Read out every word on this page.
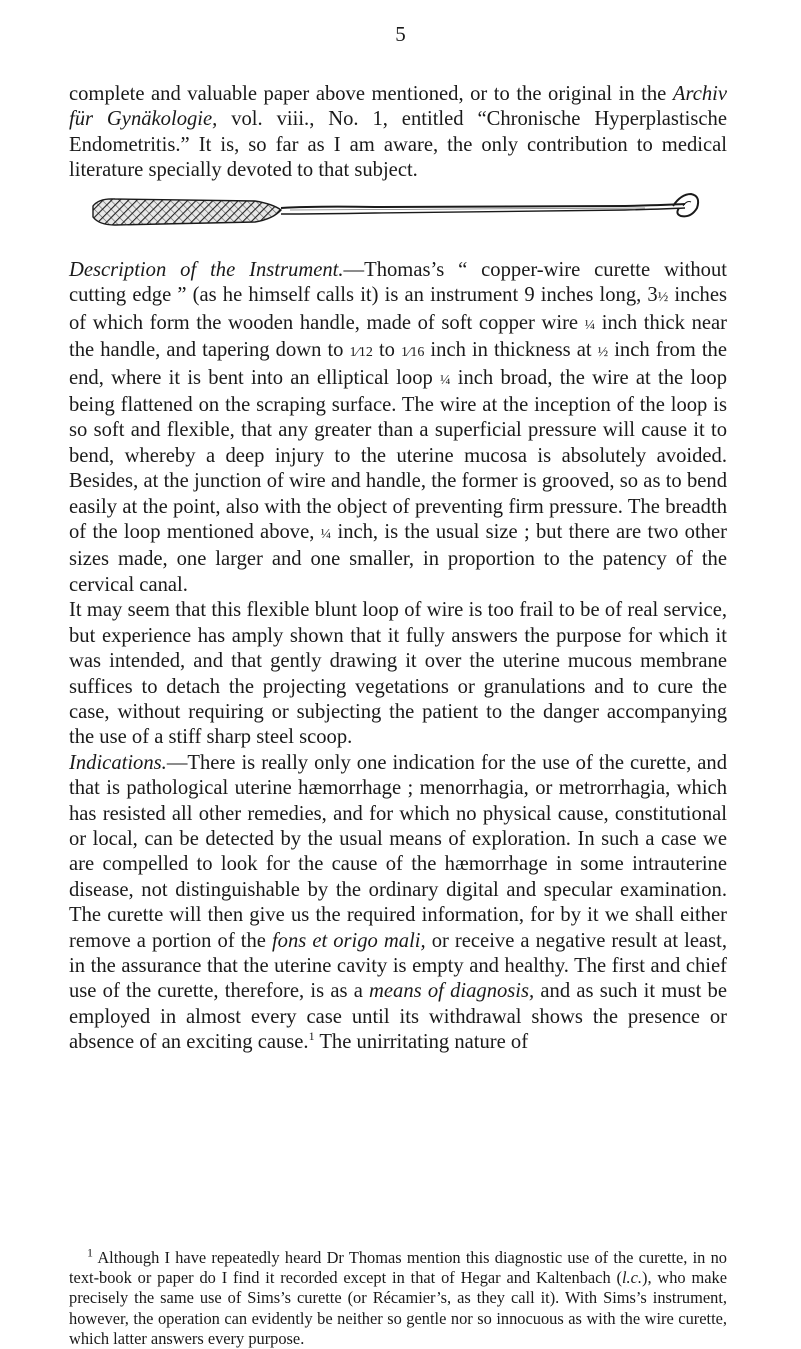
5

complete and valuable paper above mentioned, or to the original in the Archiv für Gynäkologie, vol. viii., No. 1, entitled “Chronische Hyperplastische Endometritis.” It is, so far as I am aware, the only contribution to medical literature specially devoted to that subject.

Description of the Instrument.—Thomas’s “ copper-wire curette without cutting edge ” (as he himself calls it) is an instrument 9 inches long, 3½ inches of which form the wooden handle, made of soft copper wire ¼ inch thick near the handle, and tapering down to 1⁄12 to 1⁄16 inch in thickness at ½ inch from the end, where it is bent into an elliptical loop ¼ inch broad, the wire at the loop being flattened on the scraping surface. The wire at the inception of the loop is so soft and flexible, that any greater than a superficial pressure will cause it to bend, whereby a deep injury to the uterine mucosa is absolutely avoided. Besides, at the junction of wire and handle, the former is grooved, so as to bend easily at the point, also with the object of preventing firm pressure. The breadth of the loop mentioned above, ¼ inch, is the usual size ; but there are two other sizes made, one larger and one smaller, in proportion to the patency of the cervical canal.

It may seem that this flexible blunt loop of wire is too frail to be of real service, but experience has amply shown that it fully answers the purpose for which it was intended, and that gently drawing it over the uterine mucous membrane suffices to detach the projecting vegetations or granulations and to cure the case, without requiring or subjecting the patient to the danger accompanying the use of a stiff sharp steel scoop.

Indications.—There is really only one indication for the use of the curette, and that is pathological uterine hæmorrhage ; menorrhagia, or metrorrhagia, which has resisted all other remedies, and for which no physical cause, constitutional or local, can be detected by the usual means of exploration. In such a case we are compelled to look for the cause of the hæmorrhage in some intrauterine disease, not distinguishable by the ordinary digital and specular examination. The curette will then give us the required information, for by it we shall either remove a portion of the fons et origo mali, or receive a negative result at least, in the assurance that the uterine cavity is empty and healthy. The first and chief use of the curette, therefore, is as a means of diagnosis, and as such it must be employed in almost every case until its withdrawal shows the presence or absence of an exciting cause.$^1$ The unirritating nature of

$^1$ Although I have repeatedly heard Dr Thomas mention this diagnostic use of the curette, in no text-book or paper do I find it recorded except in that of Hegar and Kaltenbach (l.c.), who make precisely the same use of Sims’s curette (or Récamier’s, as they call it). With Sims’s instrument, however, the operation can evidently be neither so gentle nor so innocuous as with the wire curette, which latter answers every purpose.
